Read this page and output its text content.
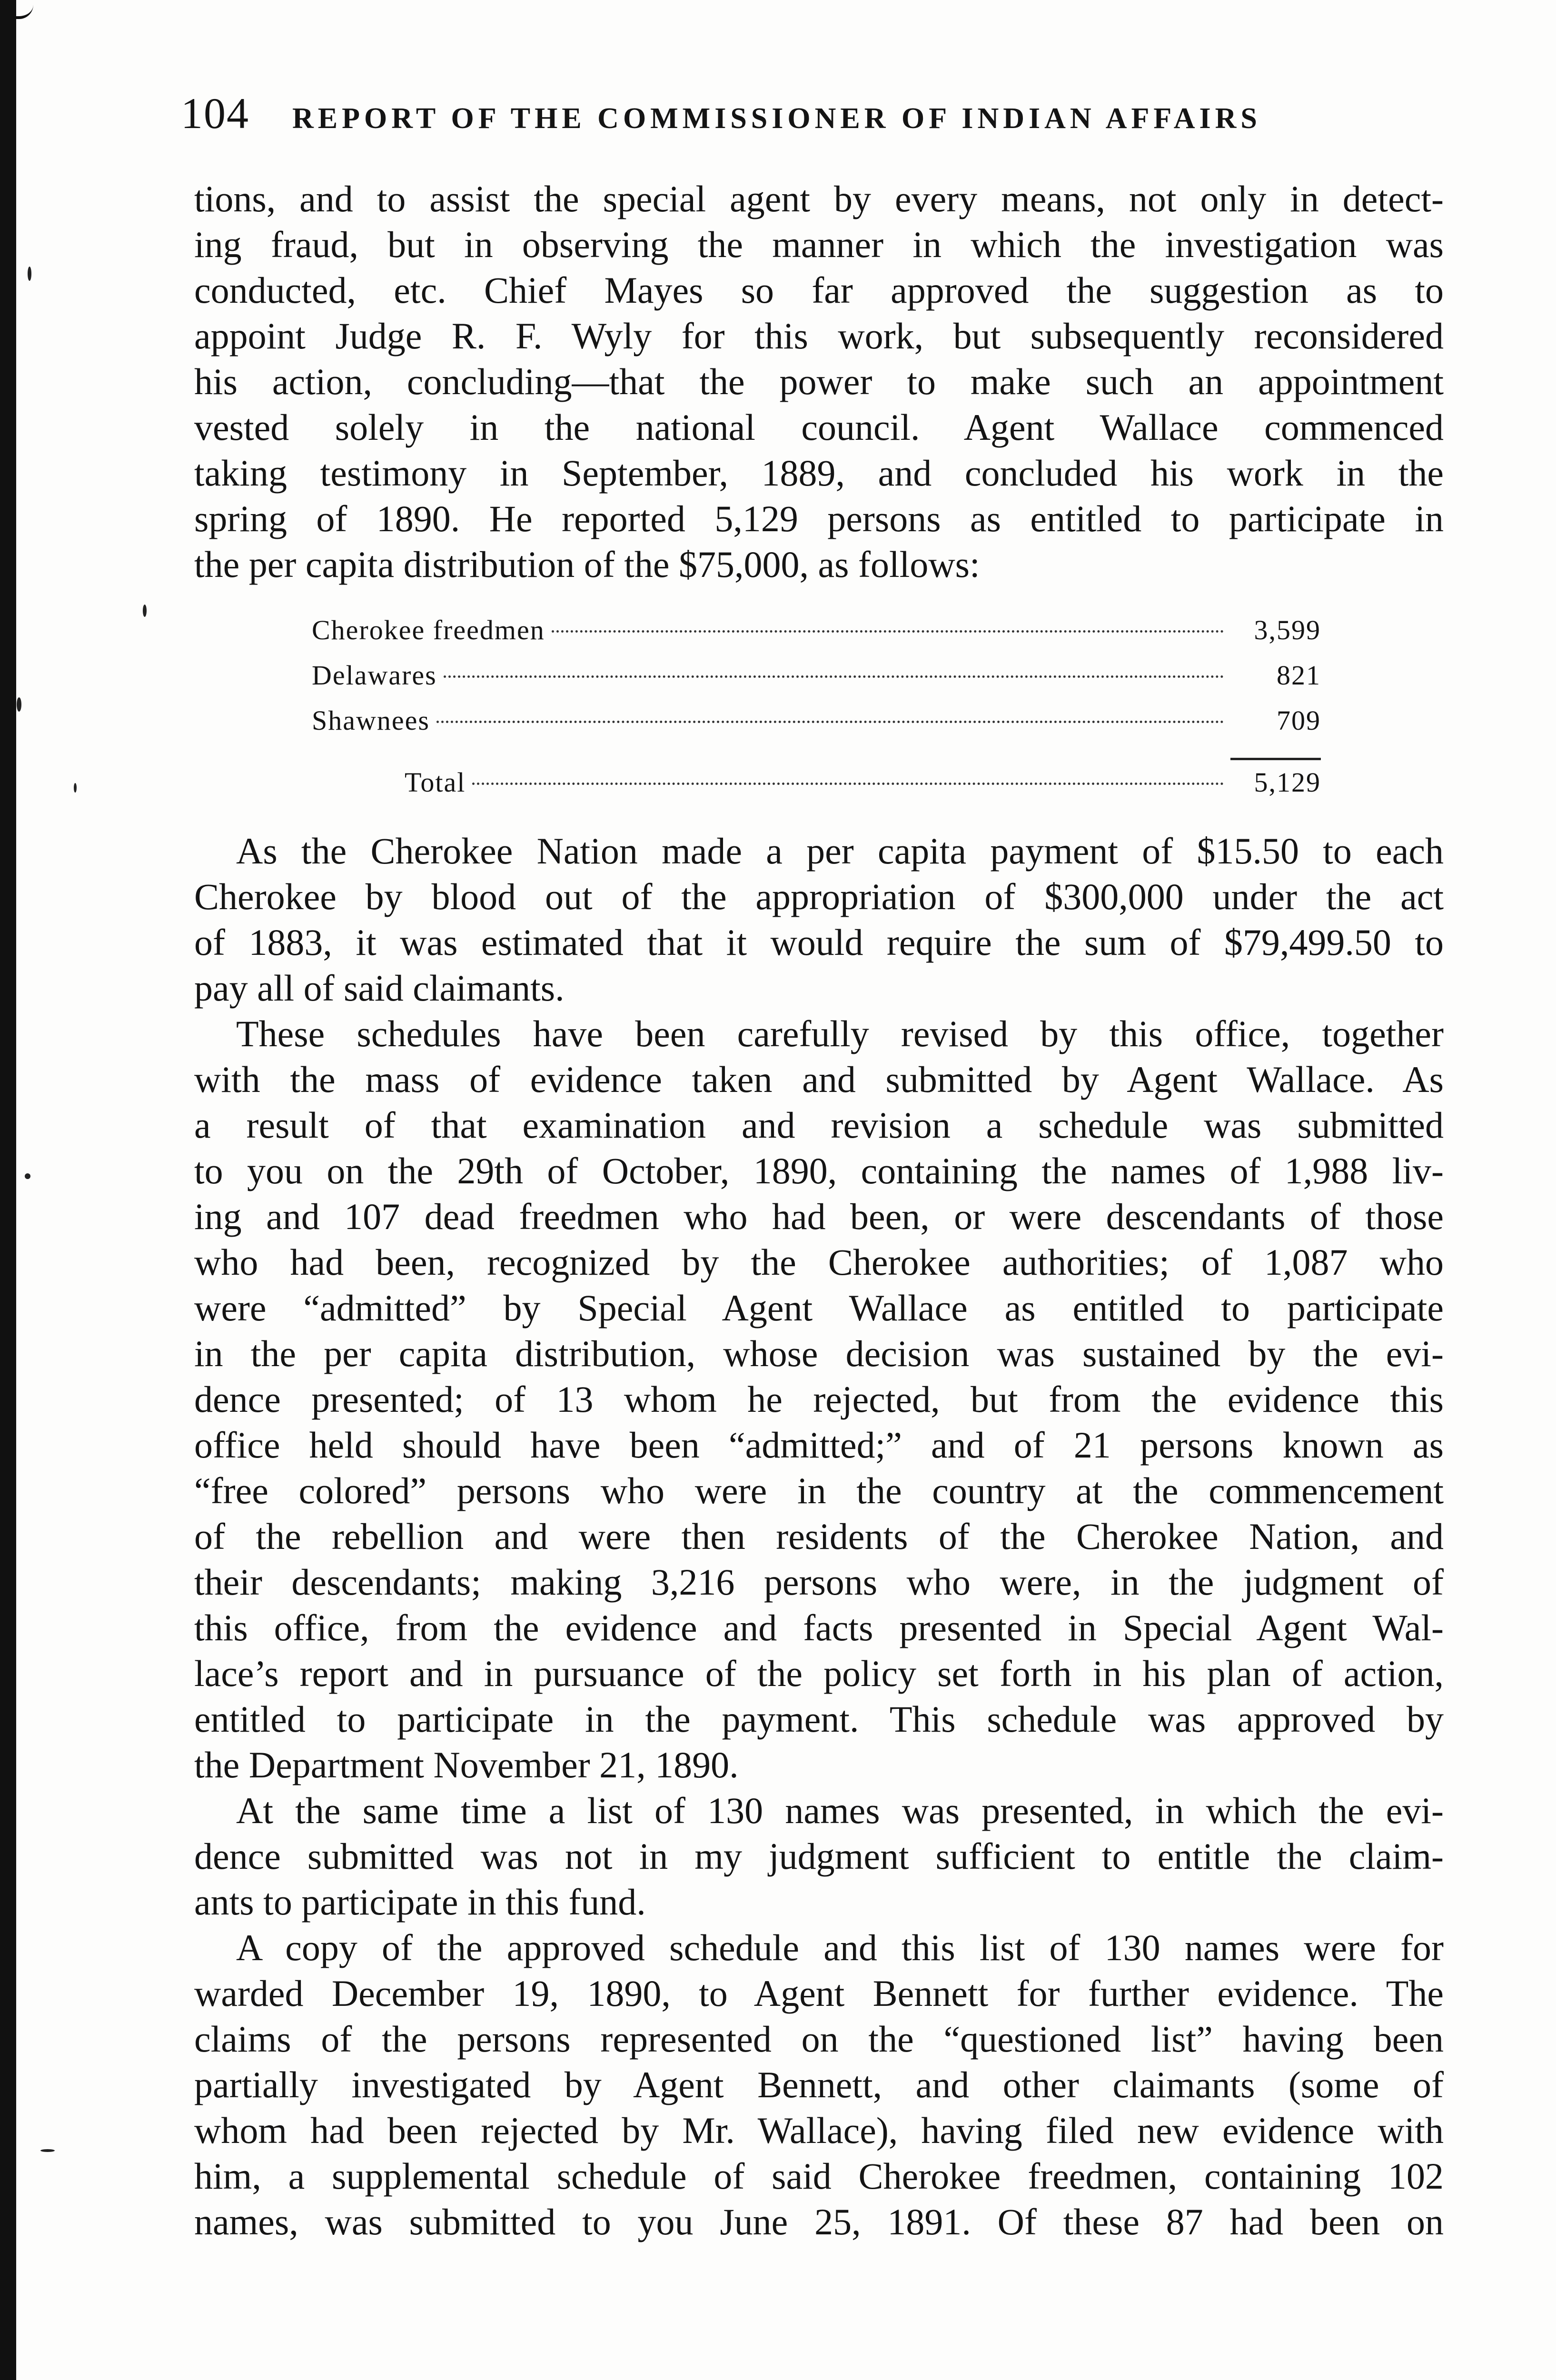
104 REPORT OF THE COMMISSIONER OF INDIAN AFFAIRS

tions, and to assist the special agent by every means, not only in detect-

ing fraud, but in observing the manner in which the investigation was

conducted, etc. Chief Mayes so far approved the suggestion as to

appoint Judge R. F. Wyly for this work, but subsequently reconsidered

his action, concluding—that the power to make such an appointment

vested solely in the national council. Agent Wallace commenced

taking testimony in September, 1889, and concluded his work in the

spring of 1890. He reported 5,129 persons as entitled to participate in

the per capita distribution of the $75,000, as follows:

Cherokee freedmen	3,599
Delawares	821
Shawnees	709
Total	5,129

As the Cherokee Nation made a per capita payment of $15.50 to each

Cherokee by blood out of the appropriation of $300,000 under the act

of 1883, it was estimated that it would require the sum of $79,499.50 to

pay all of said claimants.

These schedules have been carefully revised by this office, together

with the mass of evidence taken and submitted by Agent Wallace. As

a result of that examination and revision a schedule was submitted

to you on the 29th of October, 1890, containing the names of 1,988 liv-

ing and 107 dead freedmen who had been, or were descendants of those

who had been, recognized by the Cherokee authorities; of 1,087 who

were “admitted” by Special Agent Wallace as entitled to participate

in the per capita distribution, whose decision was sustained by the evi-

dence presented; of 13 whom he rejected, but from the evidence this

office held should have been “admitted;” and of 21 persons known as

“free colored” persons who were in the country at the commencement

of the rebellion and were then residents of the Cherokee Nation, and

their descendants; making 3,216 persons who were, in the judgment of

this office, from the evidence and facts presented in Special Agent Wal-

lace’s report and in pursuance of the policy set forth in his plan of action,

entitled to participate in the payment. This schedule was approved by

the Department November 21, 1890.

At the same time a list of 130 names was presented, in which the evi-

dence submitted was not in my judgment sufficient to entitle the claim-

ants to participate in this fund.

A copy of the approved schedule and this list of 130 names were for

warded December 19, 1890, to Agent Bennett for further evidence. The

claims of the persons represented on the “questioned list” having been

partially investigated by Agent Bennett, and other claimants (some of

whom had been rejected by Mr. Wallace), having filed new evidence with

him, a supplemental schedule of said Cherokee freedmen, containing 102

names, was submitted to you June 25, 1891. Of these 87 had been on
